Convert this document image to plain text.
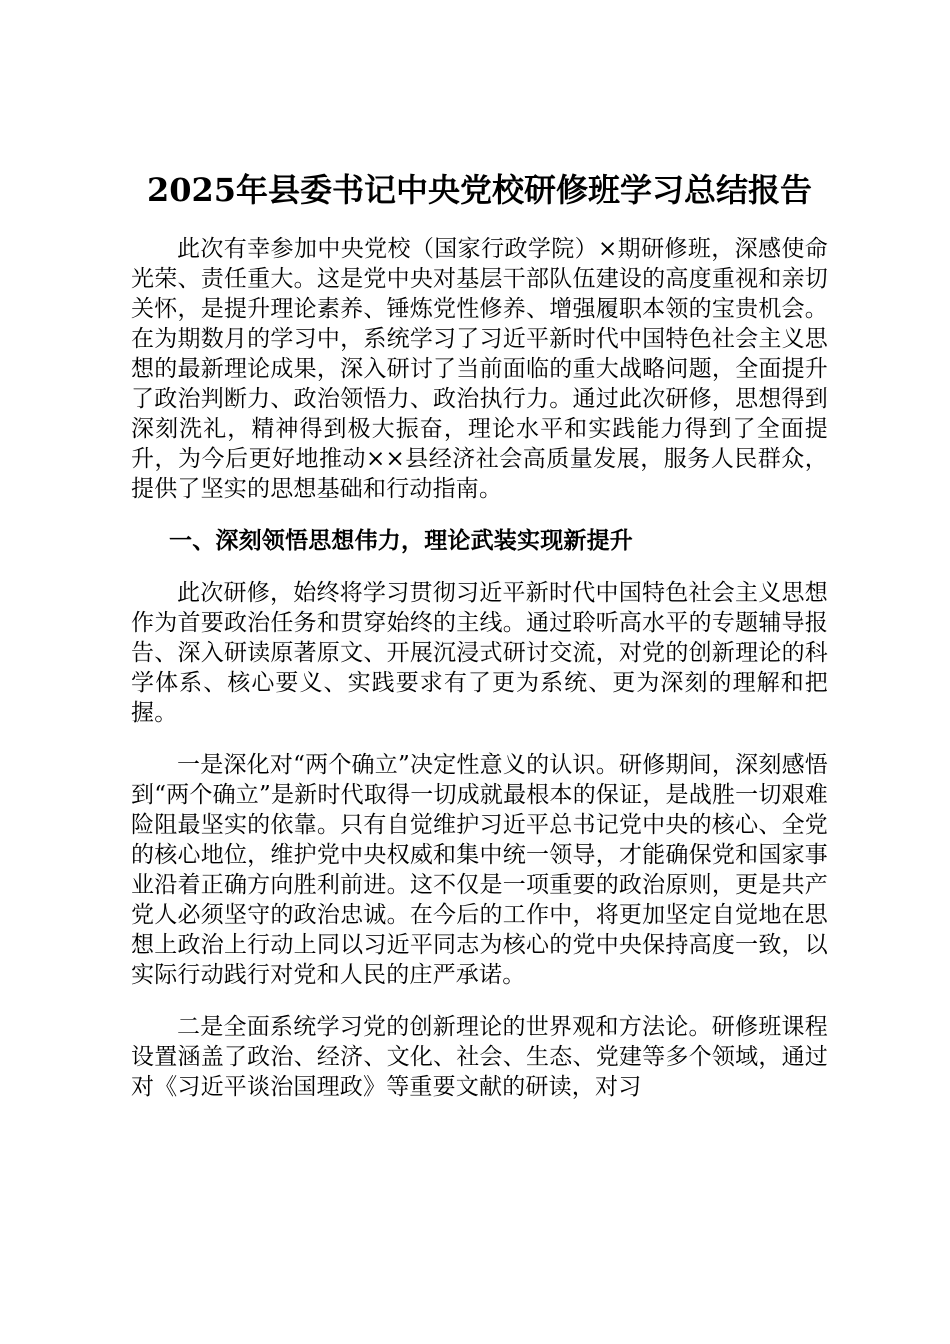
2025年县委书记中央党校研修班学习总结报告

此次有幸参加中央党校（国家行政学院）×期研修班，深感使命光荣、责任重大。这是党中央对基层干部队伍建设的高度重视和亲切关怀，是提升理论素养、锤炼党性修养、增强履职本领的宝贵机会。在为期数月的学习中，系统学习了习近平新时代中国特色社会主义思想的最新理论成果，深入研讨了当前面临的重大战略问题，全面提升了政治判断力、政治领悟力、政治执行力。通过此次研修，思想得到深刻洗礼，精神得到极大振奋，理论水平和实践能力得到了全面提升，为今后更好地推动××县经济社会高质量发展，服务人民群众，提供了坚实的思想基础和行动指南。

一、深刻领悟思想伟力，理论武装实现新提升

此次研修，始终将学习贯彻习近平新时代中国特色社会主义思想作为首要政治任务和贯穿始终的主线。通过聆听高水平的专题辅导报告、深入研读原著原文、开展沉浸式研讨交流，对党的创新理论的科学体系、核心要义、实践要求有了更为系统、更为深刻的理解和把握。

一是深化对“两个确立”决定性意义的认识。研修期间，深刻感悟到“两个确立”是新时代取得一切成就最根本的保证，是战胜一切艰难险阻最坚实的依靠。只有自觉维护习近平总书记党中央的核心、全党的核心地位，维护党中央权威和集中统一领导，才能确保党和国家事业沿着正确方向胜利前进。这不仅是一项重要的政治原则，更是共产党人必须坚守的政治忠诚。在今后的工作中，将更加坚定自觉地在思想上政治上行动上同以习近平同志为核心的党中央保持高度一致，以实际行动践行对党和人民的庄严承诺。

二是全面系统学习党的创新理论的世界观和方法论。研修班课程设置涵盖了政治、经济、文化、社会、生态、党建等多个领域，通过对《习近平谈治国理政》等重要文献的研读，对习
